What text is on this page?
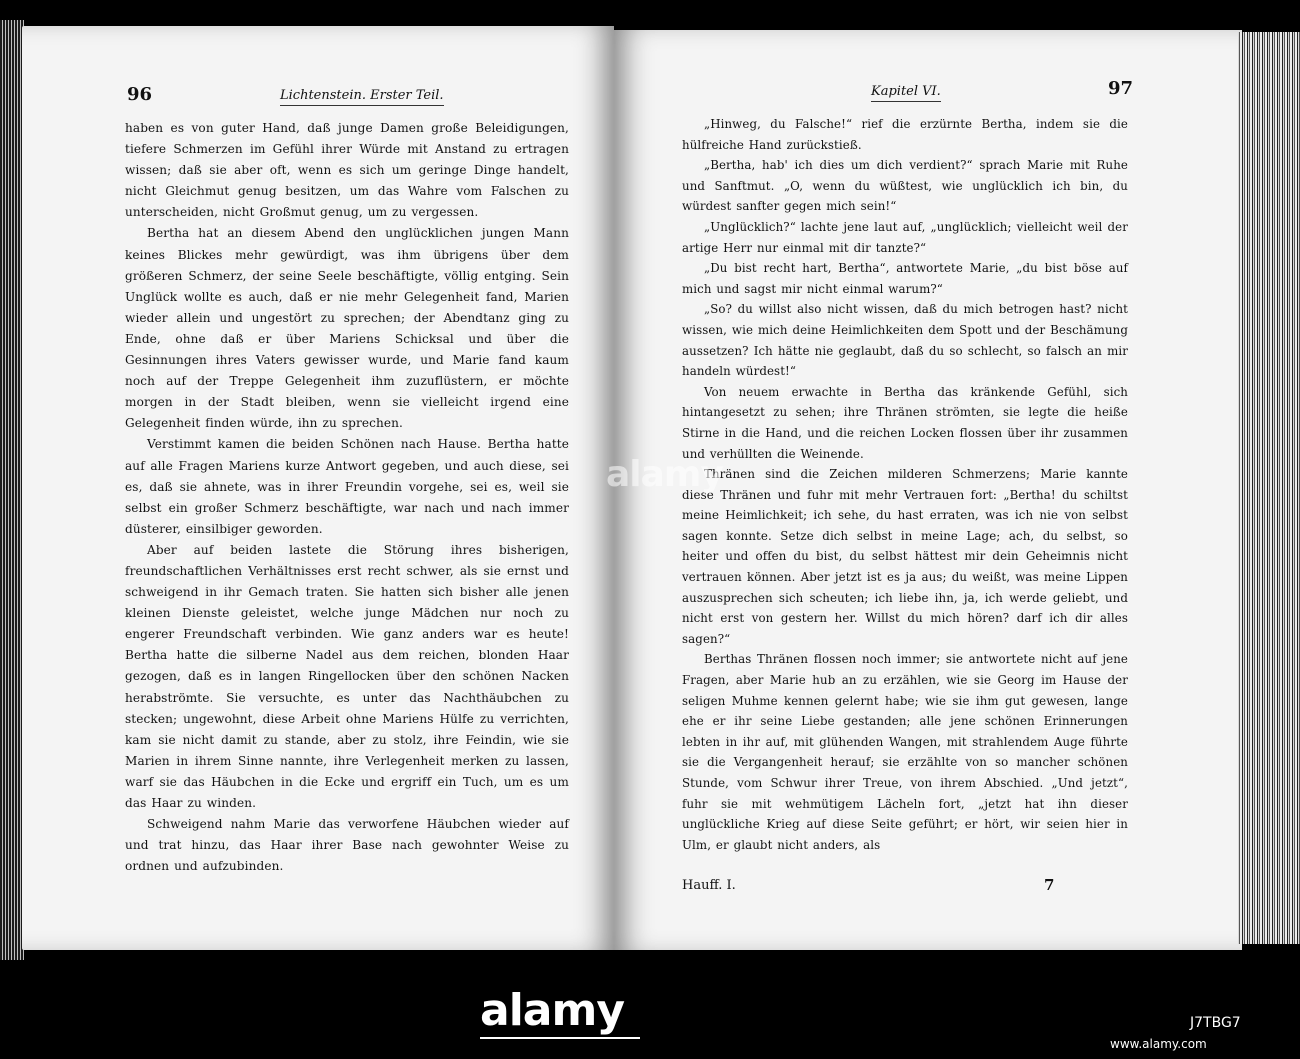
96	Lichtenstein. Erster Teil.

haben es von guter Hand, daß junge Damen große Beleidigungen, tiefere Schmerzen im Gefühl ihrer Würde mit Anstand zu ertragen wissen; daß sie aber oft, wenn es sich um geringe Dinge handelt, nicht Gleichmut genug besitzen, um das Wahre vom Falschen zu unterscheiden, nicht Großmut genug, um zu vergessen.

Bertha hat an diesem Abend den unglücklichen jungen Mann keines Blickes mehr gewürdigt, was ihm übrigens über dem größeren Schmerz, der seine Seele beschäftigte, völlig entging. Sein Unglück wollte es auch, daß er nie mehr Gelegenheit fand, Marien wieder allein und ungestört zu sprechen; der Abendtanz ging zu Ende, ohne daß er über Mariens Schicksal und über die Gesinnungen ihres Vaters gewisser wurde, und Marie fand kaum noch auf der Treppe Gelegenheit ihm zuzuflüstern, er möchte morgen in der Stadt bleiben, wenn sie vielleicht irgend eine Gelegenheit finden würde, ihn zu sprechen.

Verstimmt kamen die beiden Schönen nach Hause. Bertha hatte auf alle Fragen Mariens kurze Antwort gegeben, und auch diese, sei es, daß sie ahnete, was in ihrer Freundin vorgehe, sei es, weil sie selbst ein großer Schmerz beschäftigte, war nach und nach immer düsterer, einsilbiger geworden.

Aber auf beiden lastete die Störung ihres bisherigen, freundschaftlichen Verhältnisses erst recht schwer, als sie ernst und schweigend in ihr Gemach traten. Sie hatten sich bisher alle jenen kleinen Dienste geleistet, welche junge Mädchen nur noch zu engerer Freundschaft verbinden. Wie ganz anders war es heute! Bertha hatte die silberne Nadel aus dem reichen, blonden Haar gezogen, daß es in langen Ringellocken über den schönen Nacken herabströmte. Sie versuchte, es unter das Nachthäubchen zu stecken; ungewohnt, diese Arbeit ohne Mariens Hülfe zu verrichten, kam sie nicht damit zu stande, aber zu stolz, ihre Feindin, wie sie Marien in ihrem Sinne nannte, ihre Verlegenheit merken zu lassen, warf sie das Häubchen in die Ecke und ergriff ein Tuch, um es um das Haar zu winden.

Schweigend nahm Marie das verworfene Häubchen wieder auf und trat hinzu, das Haar ihrer Base nach gewohnter Weise zu ordnen und aufzubinden.

Kapitel VI.	97

„Hinweg, du Falsche!“ rief die erzürnte Bertha, indem sie die hülfreiche Hand zurückstieß.

„Bertha, hab' ich dies um dich verdient?“ sprach Marie mit Ruhe und Sanftmut. „O, wenn du wüßtest, wie unglücklich ich bin, du würdest sanfter gegen mich sein!“

„Unglücklich?“ lachte jene laut auf, „unglücklich; vielleicht weil der artige Herr nur einmal mit dir tanzte?“

„Du bist recht hart, Bertha“, antwortete Marie, „du bist böse auf mich und sagst mir nicht einmal warum?“

„So? du willst also nicht wissen, daß du mich betrogen hast? nicht wissen, wie mich deine Heimlichkeiten dem Spott und der Beschämung aussetzen? Ich hätte nie geglaubt, daß du so schlecht, so falsch an mir handeln würdest!“

Von neuem erwachte in Bertha das kränkende Gefühl, sich hintangesetzt zu sehen; ihre Thränen strömten, sie legte die heiße Stirne in die Hand, und die reichen Locken flossen über ihr zusammen und verhüllten die Weinende.

Thränen sind die Zeichen milderen Schmerzens; Marie kannte diese Thränen und fuhr mit mehr Vertrauen fort: „Bertha! du schiltst meine Heimlichkeit; ich sehe, du hast erraten, was ich nie von selbst sagen konnte. Setze dich selbst in meine Lage; ach, du selbst, so heiter und offen du bist, du selbst hättest mir dein Geheimnis nicht vertrauen können. Aber jetzt ist es ja aus; du weißt, was meine Lippen auszusprechen sich scheuten; ich liebe ihn, ja, ich werde geliebt, und nicht erst von gestern her. Willst du mich hören? darf ich dir alles sagen?“

Berthas Thränen flossen noch immer; sie antwortete nicht auf jene Fragen, aber Marie hub an zu erzählen, wie sie Georg im Hause der seligen Muhme kennen gelernt habe; wie sie ihm gut gewesen, lange ehe er ihr seine Liebe gestanden; alle jene schönen Erinnerungen lebten in ihr auf, mit glühenden Wangen, mit strahlendem Auge führte sie die Vergangenheit herauf; sie erzählte von so mancher schönen Stunde, vom Schwur ihrer Treue, von ihrem Abschied. „Und jetzt“, fuhr sie mit wehmütigem Lächeln fort, „jetzt hat ihn dieser unglückliche Krieg auf diese Seite geführt; er hört, wir seien hier in Ulm, er glaubt nicht anders, als

Hauff. I.	7
alamy
alamy	J7TBG7
www.alamy.com
